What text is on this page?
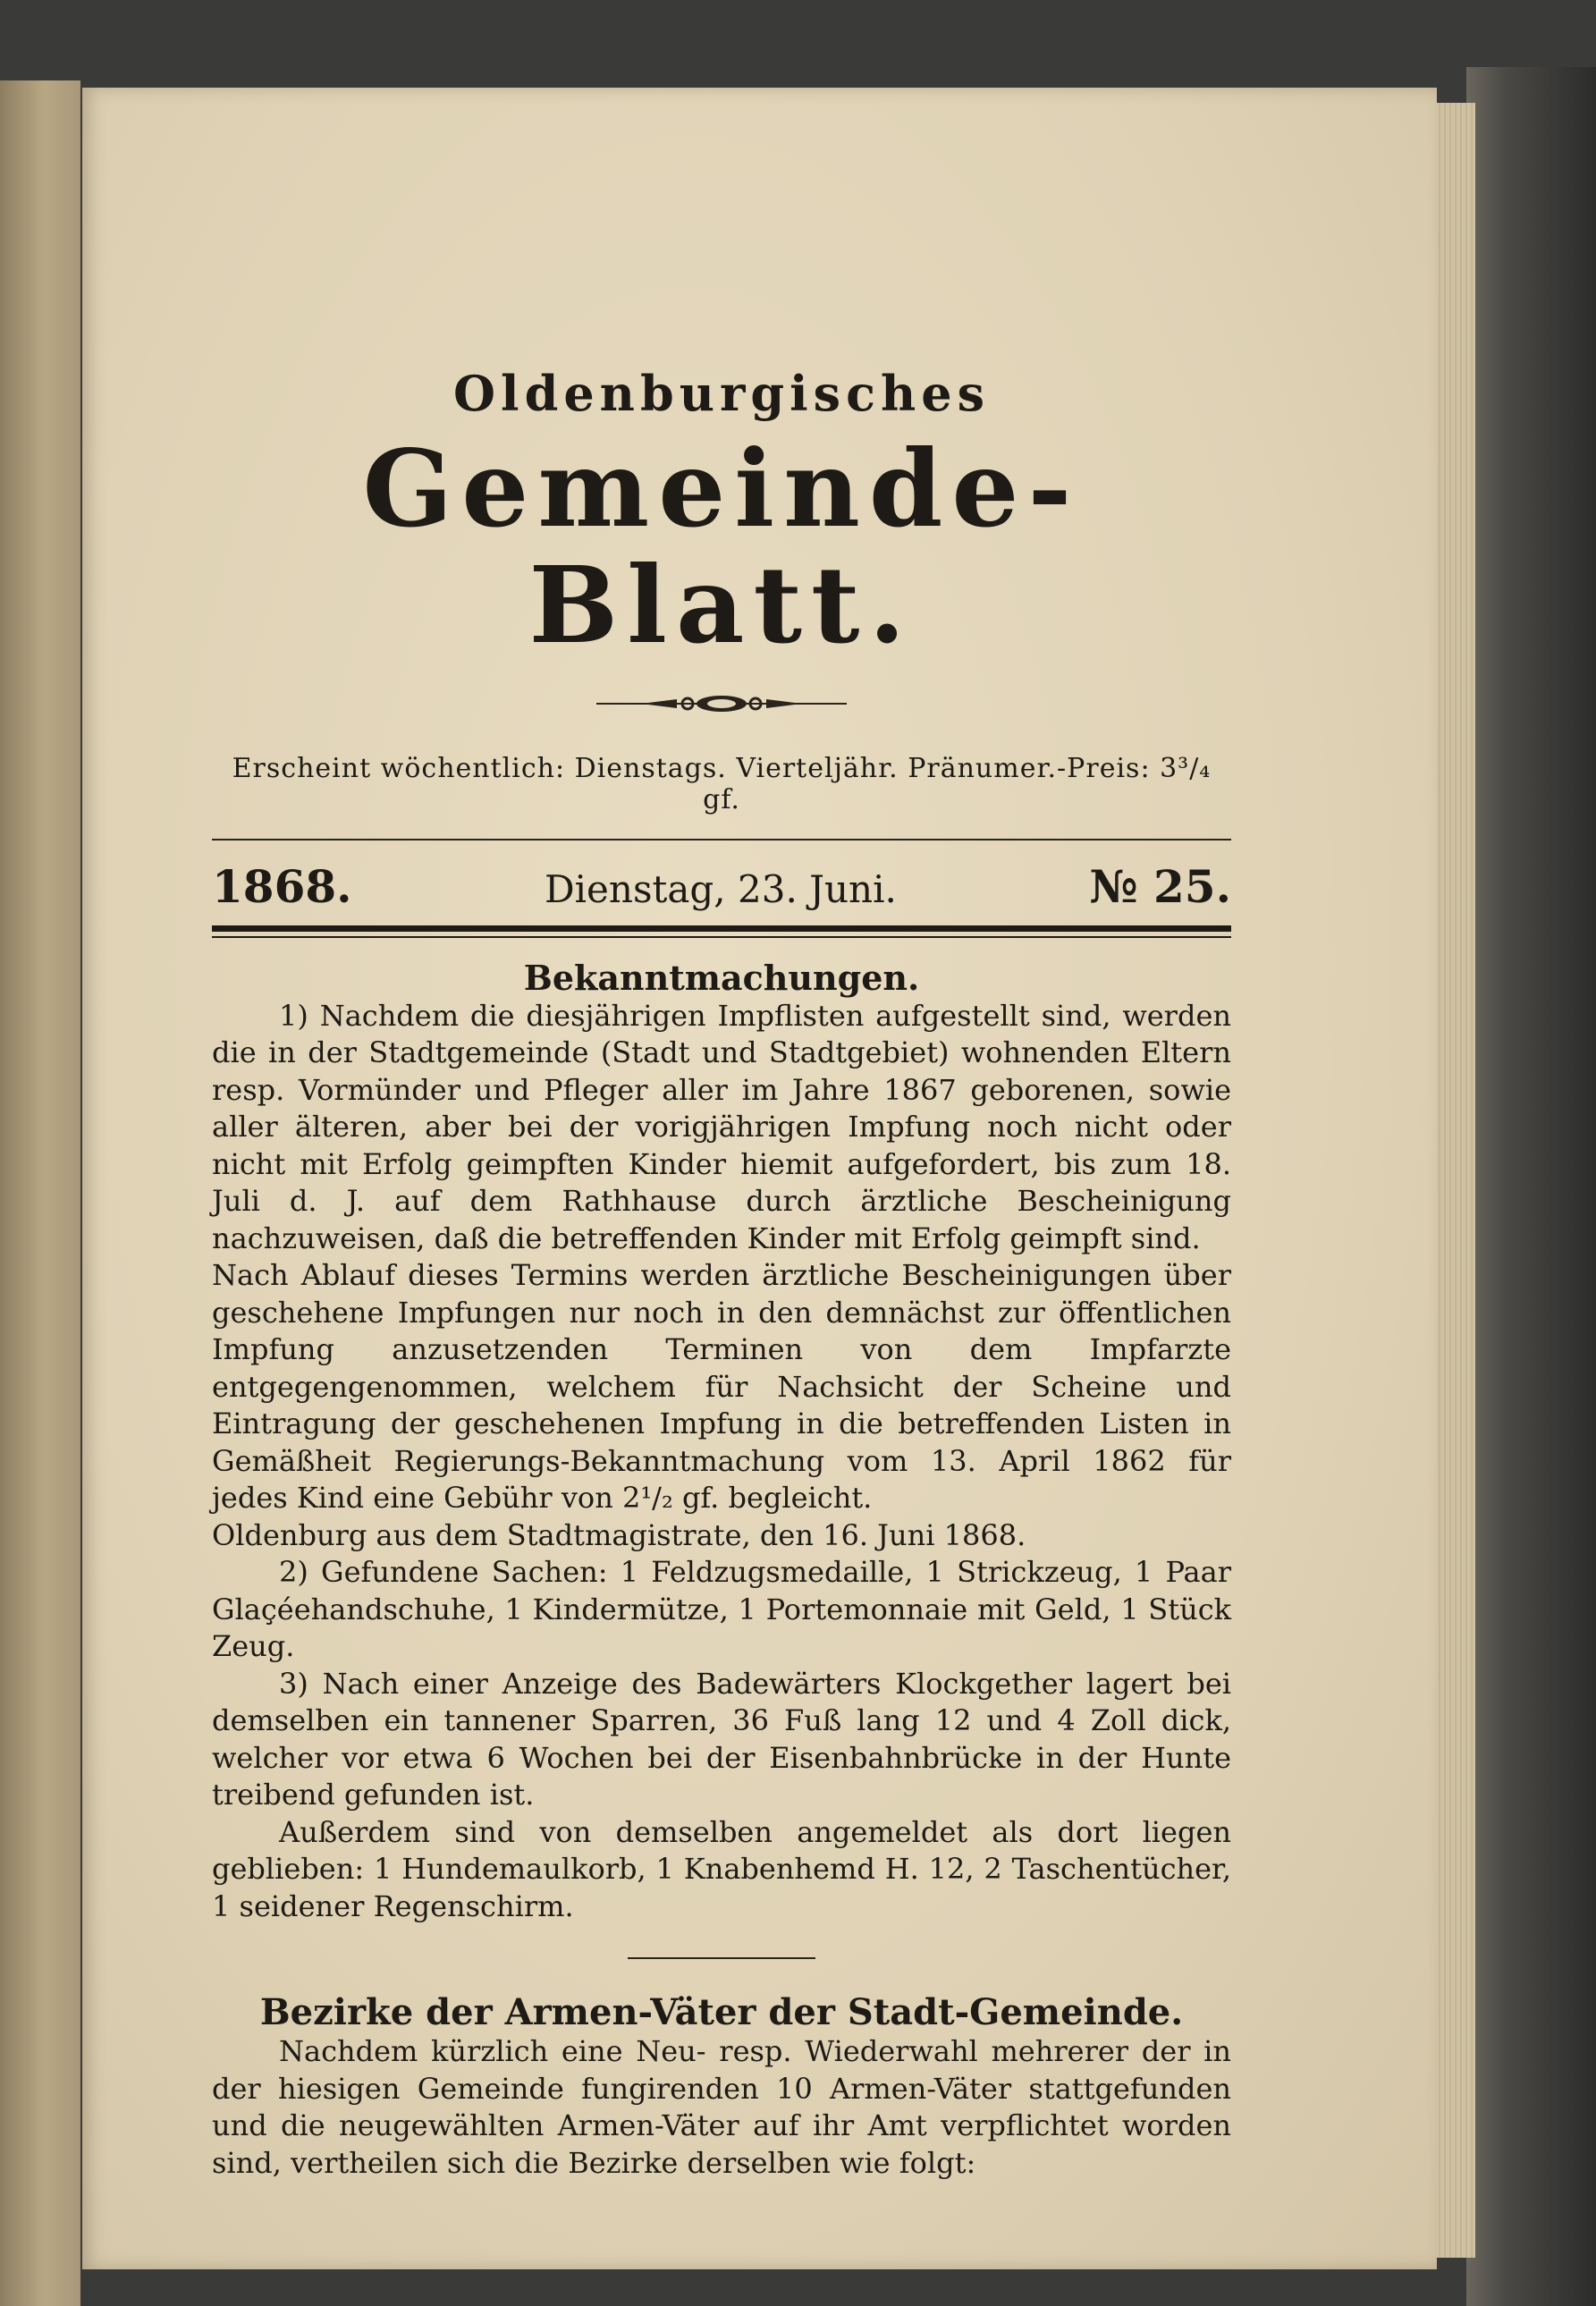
Oldenburgisches
Gemeinde-Blatt.
Erscheint wöchentlich: Dienstags. Vierteljähr. Pränumer.-Preis: 3³/₄ gf.
1868.	Dienstag, 23. Juni.	№ 25.
Bekanntmachungen.

1) Nachdem die diesjährigen Impflisten aufgestellt sind, werden die in der Stadtgemeinde (Stadt und Stadtgebiet) wohnenden Eltern resp. Vormünder und Pfleger aller im Jahre 1867 geborenen, sowie aller älteren, aber bei der vorigjährigen Impfung noch nicht oder nicht mit Erfolg geimpften Kinder hiemit aufgefordert, bis zum 18. Juli d. J. auf dem Rathhause durch ärztliche Bescheinigung nachzuweisen, daß die betreffenden Kinder mit Erfolg geimpft sind.

Nach Ablauf dieses Termins werden ärztliche Bescheinigungen über geschehene Impfungen nur noch in den demnächst zur öffentlichen Impfung anzusetzenden Terminen von dem Impfarzte entgegengenommen, welchem für Nachsicht der Scheine und Eintragung der geschehenen Impfung in die betreffenden Listen in Gemäßheit Regierungs-Bekanntmachung vom 13. April 1862 für jedes Kind eine Gebühr von 2¹/₂ gf. begleicht.

Oldenburg aus dem Stadtmagistrate, den 16. Juni 1868.

2) Gefundene Sachen: 1 Feldzugsmedaille, 1 Strickzeug, 1 Paar Glaçéehandschuhe, 1 Kindermütze, 1 Portemonnaie mit Geld, 1 Stück Zeug.

3) Nach einer Anzeige des Badewärters Klockgether lagert bei demselben ein tannener Sparren, 36 Fuß lang 12 und 4 Zoll dick, welcher vor etwa 6 Wochen bei der Eisenbahnbrücke in der Hunte treibend gefunden ist.

Außerdem sind von demselben angemeldet als dort liegen geblieben: 1 Hundemaulkorb, 1 Knabenhemd H. 12, 2 Taschentücher, 1 seidener Regenschirm.

Bezirke der Armen-Väter der Stadt-Gemeinde.

Nachdem kürzlich eine Neu- resp. Wiederwahl mehrerer der in der hiesigen Gemeinde fungirenden 10 Armen-Väter stattgefunden und die neugewählten Armen-Väter auf ihr Amt verpflichtet worden sind, vertheilen sich die Bezirke derselben wie folgt:
